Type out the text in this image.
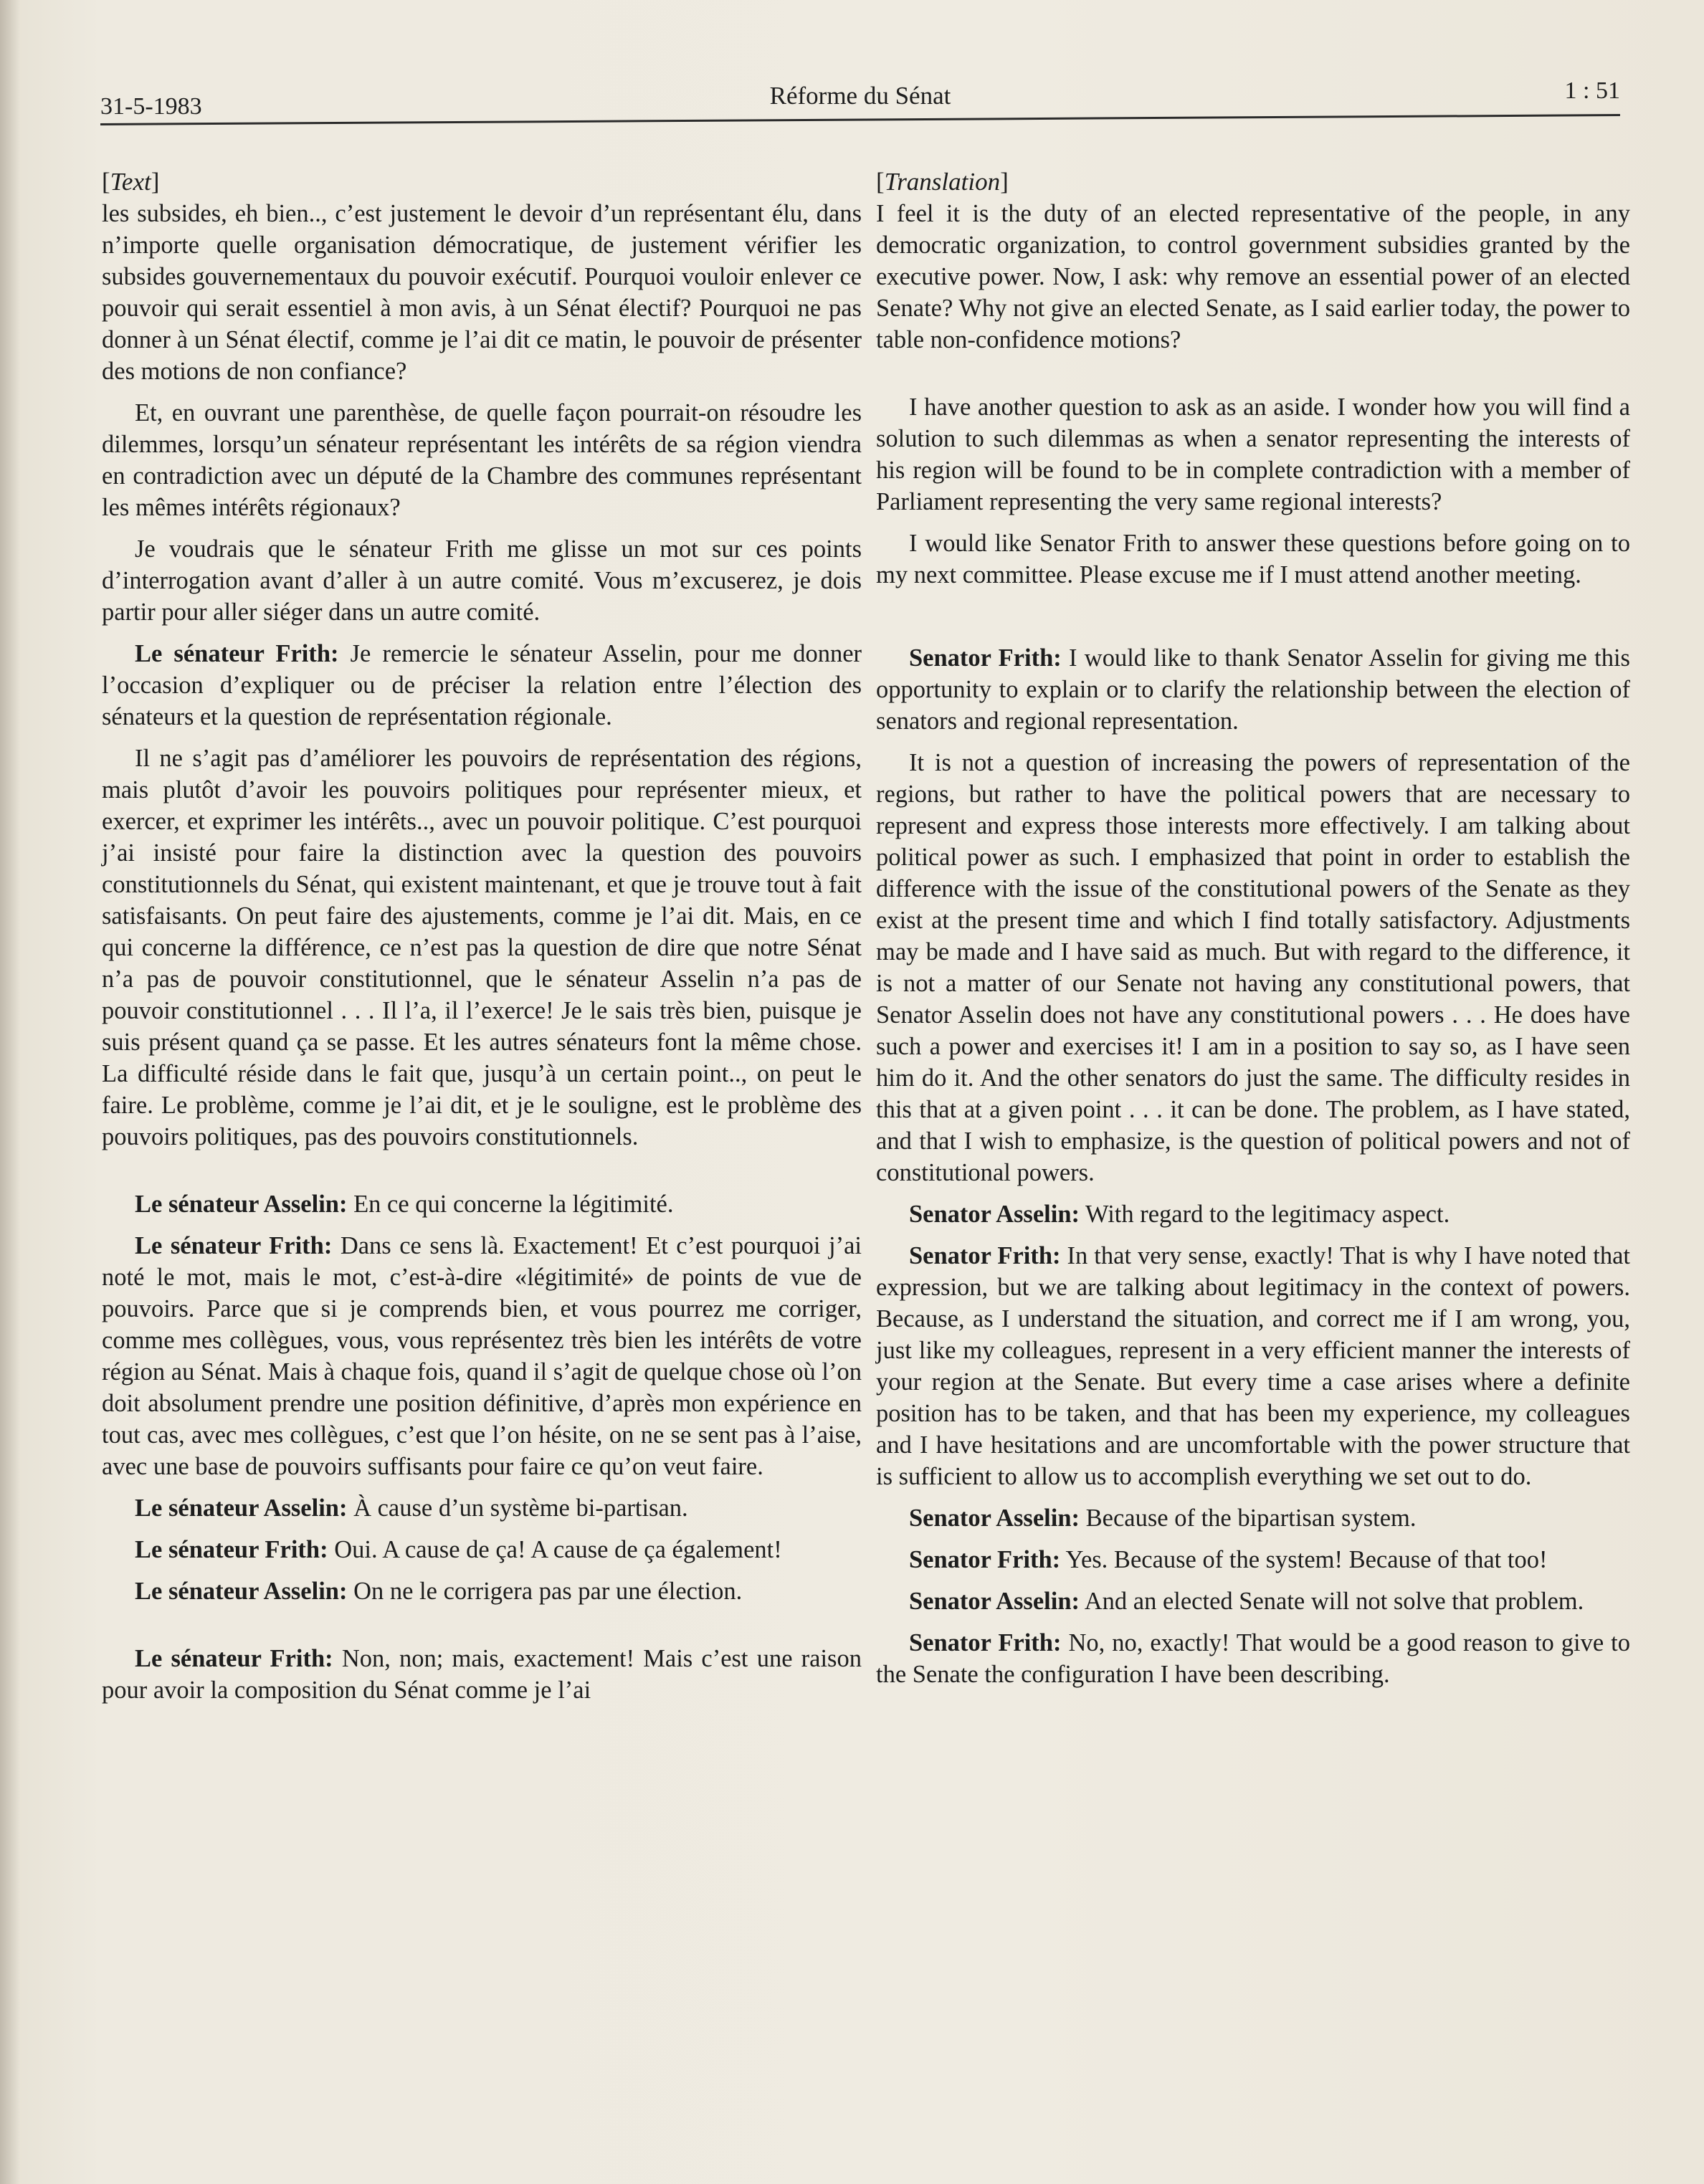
31-5-1983	Réforme du Sénat	1 : 51
[Text]

les subsides, eh bien.., c’est justement le devoir d’un représentant élu, dans n’importe quelle organisation démocratique, de justement vérifier les subsides gouvernementaux du pouvoir exécutif. Pourquoi vouloir enlever ce pouvoir qui serait essentiel à mon avis, à un Sénat électif? Pourquoi ne pas donner à un Sénat électif, comme je l’ai dit ce matin, le pouvoir de présenter des motions de non confiance?

Et, en ouvrant une parenthèse, de quelle façon pourrait-on résoudre les dilemmes, lorsqu’un sénateur représentant les intérêts de sa région viendra en contradiction avec un député de la Chambre des communes représentant les mêmes intérêts régionaux?

Je voudrais que le sénateur Frith me glisse un mot sur ces points d’interrogation avant d’aller à un autre comité. Vous m’excuserez, je dois partir pour aller siéger dans un autre comité.

Le sénateur Frith: Je remercie le sénateur Asselin, pour me donner l’occasion d’expliquer ou de préciser la relation entre l’élection des sénateurs et la question de représentation régionale.

Il ne s’agit pas d’améliorer les pouvoirs de représentation des régions, mais plutôt d’avoir les pouvoirs politiques pour représenter mieux, et exercer, et exprimer les intérêts.., avec un pouvoir politique. C’est pourquoi j’ai insisté pour faire la distinction avec la question des pouvoirs constitutionnels du Sénat, qui existent maintenant, et que je trouve tout à fait satisfaisants. On peut faire des ajustements, comme je l’ai dit. Mais, en ce qui concerne la différence, ce n’est pas la question de dire que notre Sénat n’a pas de pouvoir constitutionnel, que le sénateur Asselin n’a pas de pouvoir constitutionnel . . . Il l’a, il l’exerce! Je le sais très bien, puisque je suis présent quand ça se passe. Et les autres sénateurs font la même chose. La difficulté réside dans le fait que, jusqu’à un certain point.., on peut le faire. Le problème, comme je l’ai dit, et je le souligne, est le problème des pouvoirs politiques, pas des pouvoirs constitutionnels.

Le sénateur Asselin: En ce qui concerne la légitimité.

Le sénateur Frith: Dans ce sens là. Exactement! Et c’est pourquoi j’ai noté le mot, mais le mot, c’est-à-dire «légitimité» de points de vue de pouvoirs. Parce que si je comprends bien, et vous pourrez me corriger, comme mes collègues, vous, vous représentez très bien les intérêts de votre région au Sénat. Mais à chaque fois, quand il s’agit de quelque chose où l’on doit absolument prendre une position définitive, d’après mon expérience en tout cas, avec mes collègues, c’est que l’on hésite, on ne se sent pas à l’aise, avec une base de pouvoirs suffisants pour faire ce qu’on veut faire.

Le sénateur Asselin: À cause d’un système bi-partisan.

Le sénateur Frith: Oui. A cause de ça! A cause de ça également!

Le sénateur Asselin: On ne le corrigera pas par une élection.

Le sénateur Frith: Non, non; mais, exactement! Mais c’est une raison pour avoir la composition du Sénat comme je l’ai

[Translation]

I feel it is the duty of an elected representative of the people, in any democratic organization, to control government subsidies granted by the executive power. Now, I ask: why remove an essential power of an elected Senate? Why not give an elected Senate, as I said earlier today, the power to table non-confidence motions?

I have another question to ask as an aside. I wonder how you will find a solution to such dilemmas as when a senator representing the interests of his region will be found to be in complete contradiction with a member of Parliament representing the very same regional interests?

I would like Senator Frith to answer these questions before going on to my next committee. Please excuse me if I must attend another meeting.

Senator Frith: I would like to thank Senator Asselin for giving me this opportunity to explain or to clarify the relationship between the election of senators and regional representation.

It is not a question of increasing the powers of representation of the regions, but rather to have the political powers that are necessary to represent and express those interests more effectively. I am talking about political power as such. I emphasized that point in order to establish the difference with the issue of the constitutional powers of the Senate as they exist at the present time and which I find totally satisfactory. Adjustments may be made and I have said as much. But with regard to the difference, it is not a matter of our Senate not having any constitutional powers, that Senator Asselin does not have any constitutional powers . . . He does have such a power and exercises it! I am in a position to say so, as I have seen him do it. And the other senators do just the same. The difficulty resides in this that at a given point . . . it can be done. The problem, as I have stated, and that I wish to emphasize, is the question of political powers and not of constitutional powers.

Senator Asselin: With regard to the legitimacy aspect.

Senator Frith: In that very sense, exactly! That is why I have noted that expression, but we are talking about legitimacy in the context of powers. Because, as I understand the situation, and correct me if I am wrong, you, just like my colleagues, represent in a very efficient manner the interests of your region at the Senate. But every time a case arises where a definite position has to be taken, and that has been my experience, my colleagues and I have hesitations and are uncomfortable with the power structure that is sufficient to allow us to accomplish everything we set out to do.

Senator Asselin: Because of the bipartisan system.

Senator Frith: Yes. Because of the system! Because of that too!

Senator Asselin: And an elected Senate will not solve that problem.

Senator Frith: No, no, exactly! That would be a good reason to give to the Senate the configuration I have been describing.
